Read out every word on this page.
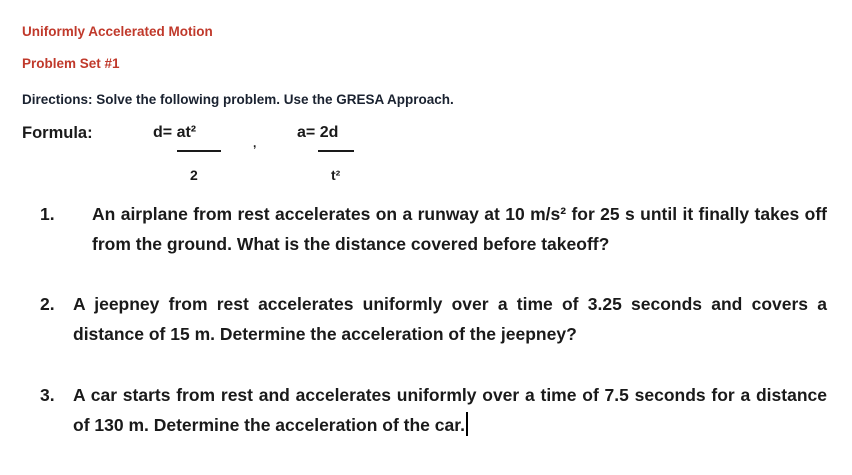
Uniformly Accelerated Motion
Problem Set #1
Directions: Solve the following problem. Use the GRESA Approach.
Formula:	d= at²
2
,
a= 2d
t²
1. An airplane from rest accelerates on a runway at 10 m/s² for 25 s until it finally takes off from the ground. What is the distance covered before takeoff?
2. A jeepney from rest accelerates uniformly over a time of 3.25 seconds and covers a distance of 15 m. Determine the acceleration of the jeepney?
3. A car starts from rest and accelerates uniformly over a time of 7.5 seconds for a distance of 130 m. Determine the acceleration of the car.
